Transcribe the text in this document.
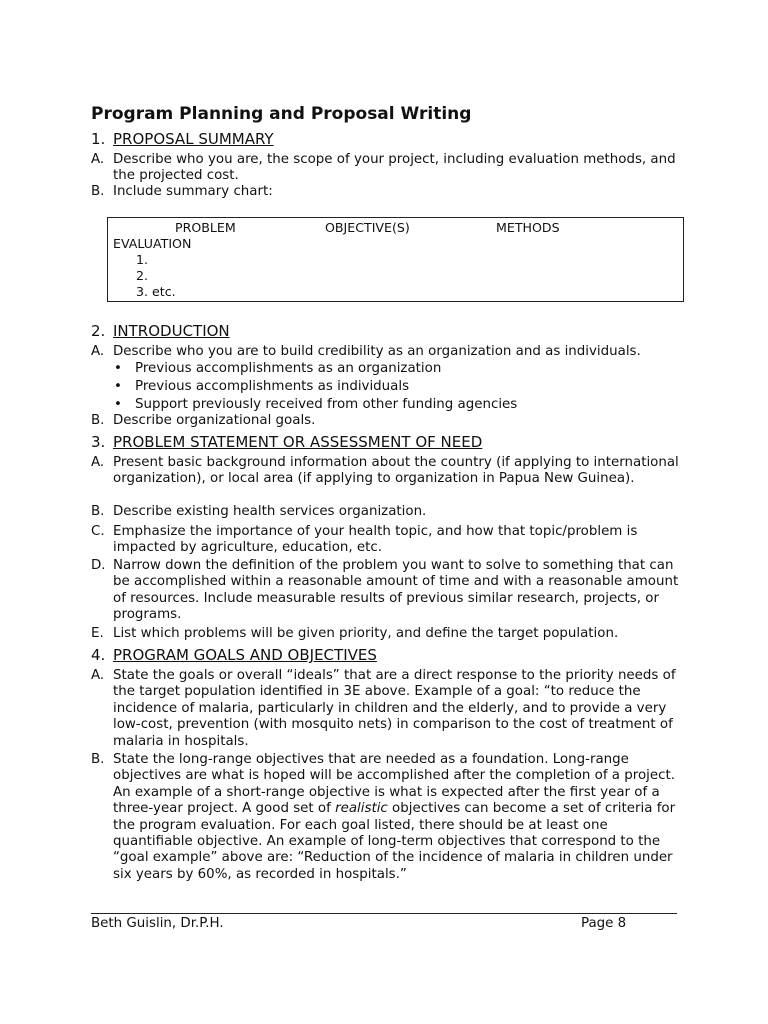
Program Planning and Proposal Writing
1. PROPOSAL SUMMARY
A. Describe who you are, the scope of your project, including evaluation methods, and the projected cost.
B. Include summary chart:
PROBLEM	OBJECTIVE(S)	METHODS
EVALUATION
1.
2.
3. etc.
2. INTRODUCTION
A. Describe who you are to build credibility as an organization and as individuals.
• Previous accomplishments as an organization
• Previous accomplishments as individuals
• Support previously received from other funding agencies
B. Describe organizational goals.
3. PROBLEM STATEMENT OR ASSESSMENT OF NEED
A. Present basic background information about the country (if applying to international organization), or local area (if applying to organization in Papua New Guinea).
B. Describe existing health services organization.
C. Emphasize the importance of your health topic, and how that topic/problem is impacted by agriculture, education, etc.
D. Narrow down the definition of the problem you want to solve to something that can be accomplished within a reasonable amount of time and with a reasonable amount of resources. Include measurable results of previous similar research, projects, or programs.
E. List which problems will be given priority, and define the target population.
4. PROGRAM GOALS AND OBJECTIVES
A. State the goals or overall “ideals” that are a direct response to the priority needs of the target population identified in 3E above. Example of a goal: “to reduce the incidence of malaria, particularly in children and the elderly, and to provide a very low-cost, prevention (with mosquito nets) in comparison to the cost of treatment of malaria in hospitals.
B. State the long-range objectives that are needed as a foundation. Long-range objectives are what is hoped will be accomplished after the completion of a project. An example of a short-range objective is what is expected after the first year of a three-year project. A good set of realistic objectives can become a set of criteria for the program evaluation. For each goal listed, there should be at least one quantifiable objective. An example of long-term objectives that correspond to the “goal example” above are: “Reduction of the incidence of malaria in children under six years by 60%, as recorded in hospitals.”
Beth Guislin, Dr.P.H.	Page 8
